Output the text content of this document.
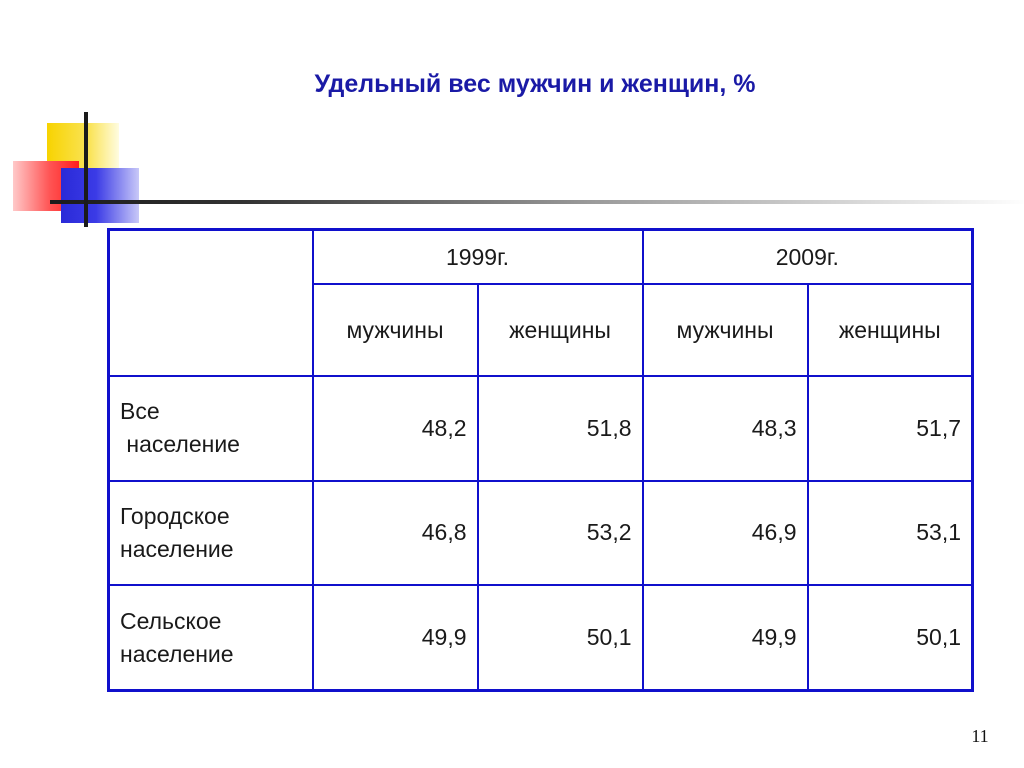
Удельный вес мужчин и женщин, %
	1999г.		2009г.	
	мужчины	женщины	мужчины	женщины
Все
население	48,2	51,8	48,3	51,7
Городское
население	46,8	53,2	46,9	53,1
Сельское
население	49,9	50,1	49,9	50,1
11
